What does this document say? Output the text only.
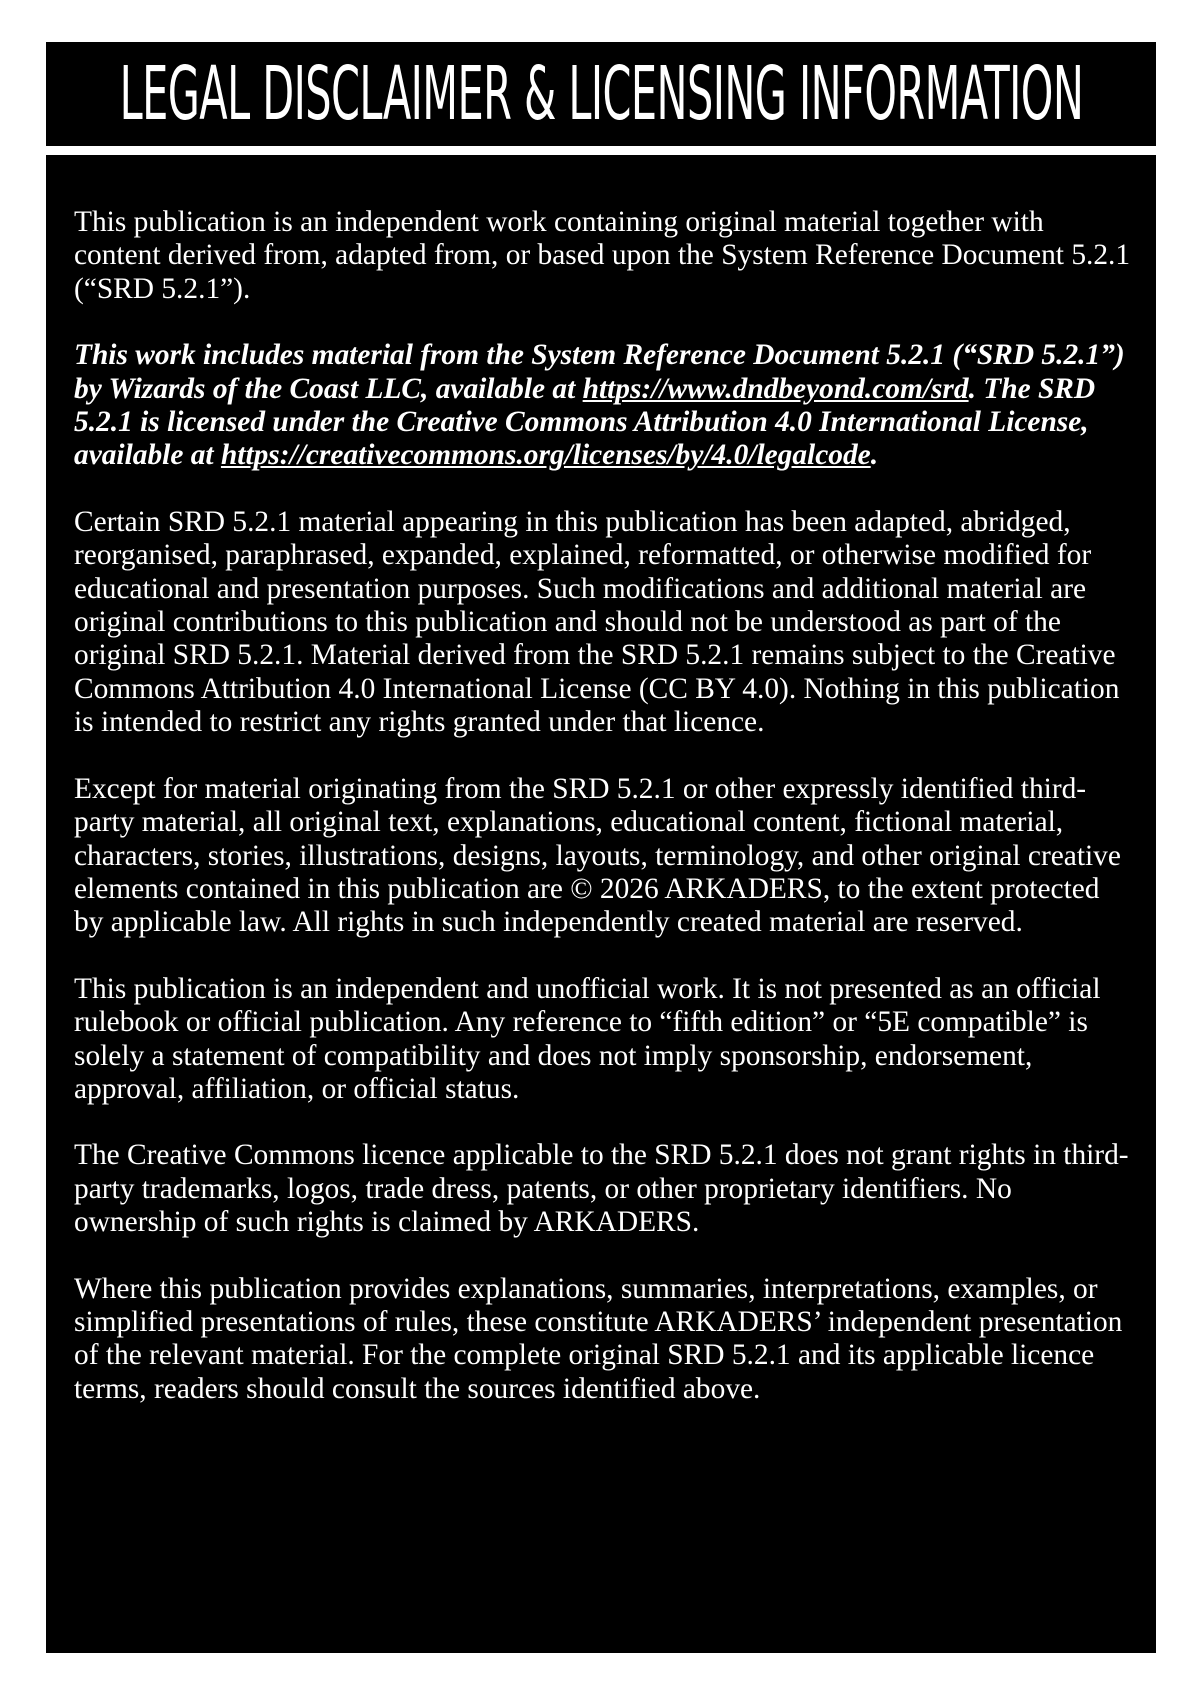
LEGAL DISCLAIMER & LICENSING INFORMATION

This publication is an independent work containing original material together with content derived from, adapted from, or based upon the System Reference Document 5.2.1 (“SRD 5.2.1”).

This work includes material from the System Reference Document 5.2.1 (“SRD 5.2.1”) by Wizards of the Coast LLC, available at https://www.dndbeyond.com/srd. The SRD 5.2.1 is licensed under the Creative Commons Attribution 4.0 International License, available at https://creativecommons.org/licenses/by/4.0/legalcode.

Certain SRD 5.2.1 material appearing in this publication has been adapted, abridged, reorganised, paraphrased, expanded, explained, reformatted, or otherwise modified for educational and presentation purposes. Such modifications and additional material are original contributions to this publication and should not be understood as part of the original SRD 5.2.1. Material derived from the SRD 5.2.1 remains subject to the Creative Commons Attribution 4.0 International License (CC BY 4.0). Nothing in this publication is intended to restrict any rights granted under that licence.

Except for material originating from the SRD 5.2.1 or other expressly identified third-party material, all original text, explanations, educational content, fictional material, characters, stories, illustrations, designs, layouts, terminology, and other original creative elements contained in this publication are © 2026 ARKADERS, to the extent protected by applicable law. All rights in such independently created material are reserved.

This publication is an independent and unofficial work. It is not presented as an official rulebook or official publication. Any reference to “fifth edition” or “5E compatible” is solely a statement of compatibility and does not imply sponsorship, endorsement, approval, affiliation, or official status.

The Creative Commons licence applicable to the SRD 5.2.1 does not grant rights in third-party trademarks, logos, trade dress, patents, or other proprietary identifiers. No ownership of such rights is claimed by ARKADERS.

Where this publication provides explanations, summaries, interpretations, examples, or simplified presentations of rules, these constitute ARKADERS’ independent presentation of the relevant material. For the complete original SRD 5.2.1 and its applicable licence terms, readers should consult the sources identified above.
